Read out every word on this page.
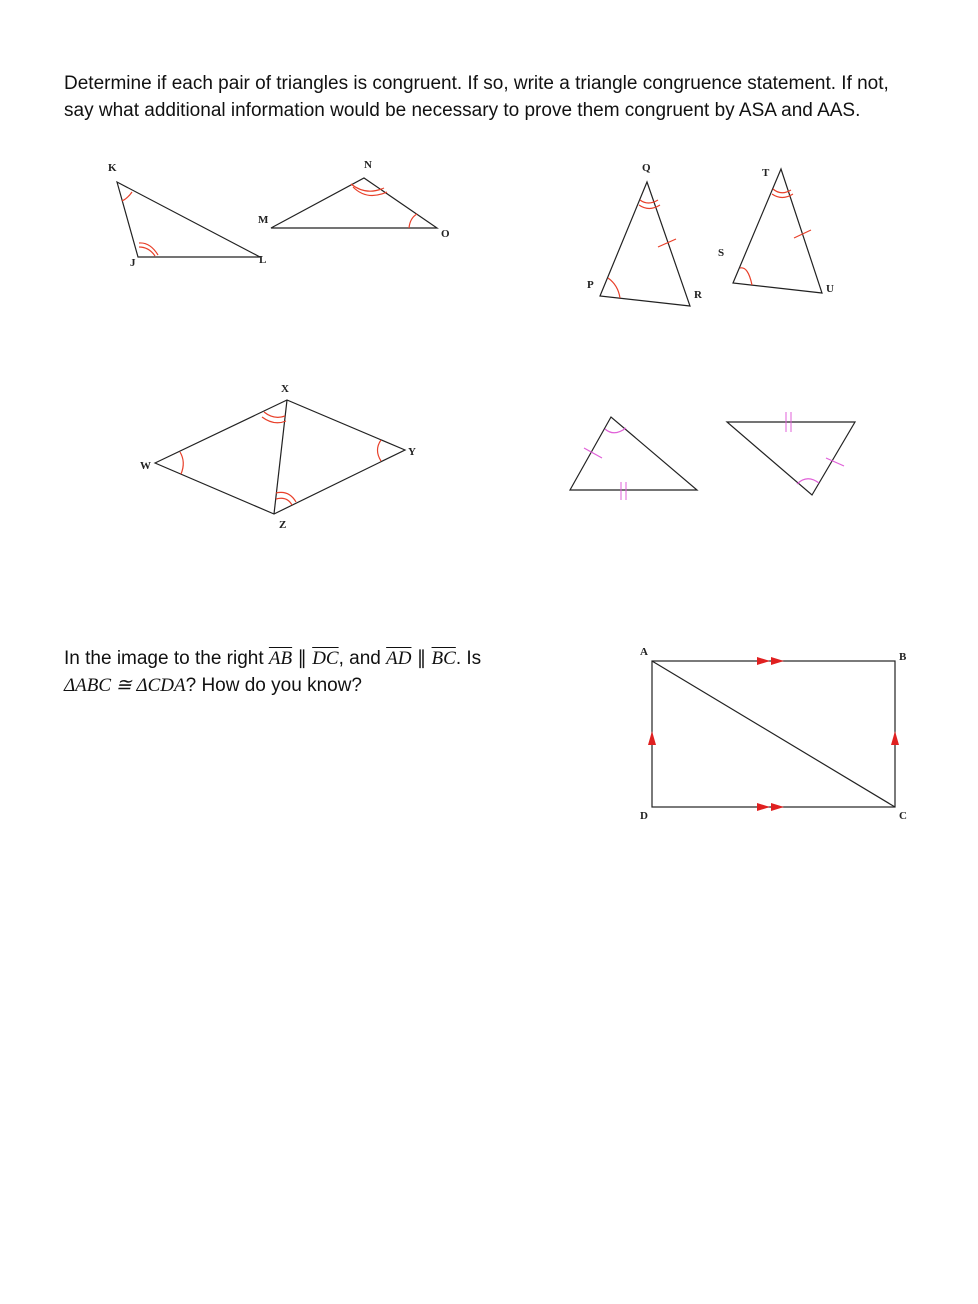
Determine if each pair of triangles is congruent. If so, write a triangle congruence statement. If not, say what additional information would be necessary to prove them congruent by ASA and AAS.
In the image to the right $\overline{AB}$ ∥ $\overline{DC}$, and $\overline{AD}$ ∥ $\overline{BC}$. Is
ΔABC ≅ ΔCDA? How do you know?
K
J	L
M
N
O
P
Q
R
S
T
U
X
W
Y
Z
A	B
C
D
